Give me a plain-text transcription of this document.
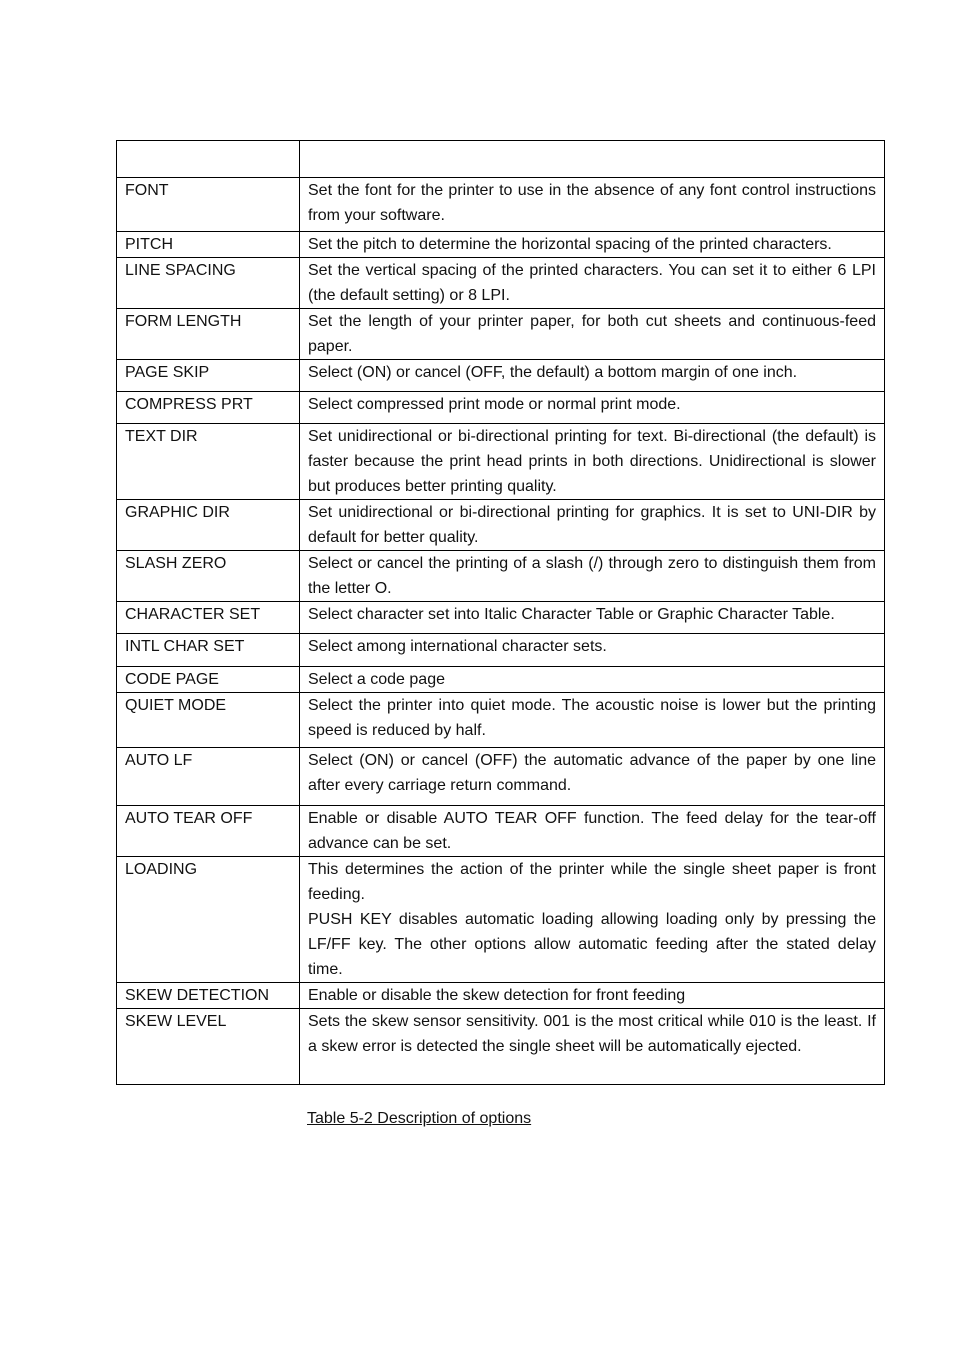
FONT	Set the font for the printer to use in the absence of any font control instructions from your software.

PITCH	Set the pitch to determine the horizontal spacing of the printed characters.

LINE SPACING	Set the vertical spacing of the printed characters. You can set it to either 6 LPI (the default setting) or 8 LPI.

FORM LENGTH	Set the length of your printer paper, for both cut sheets and continuous-feed paper.

PAGE SKIP	Select (ON) or cancel (OFF, the default) a bottom margin of one inch.

COMPRESS PRT	Select compressed print mode or normal print mode.

TEXT DIR	Set unidirectional or bi-directional printing for text. Bi-directional (the default) is faster because the print head prints in both directions. Unidirectional is slower but produces better printing quality.

GRAPHIC DIR	Set unidirectional or bi-directional printing for graphics. It is set to UNI-DIR by default for better quality.

SLASH ZERO	Select or cancel the printing of a slash (/) through zero to distinguish them from the letter O.

CHARACTER SET	Select character set into Italic Character Table or Graphic Character Table.

INTL CHAR SET	Select among international character sets.

CODE PAGE	Select a code page

QUIET MODE	Select the printer into quiet mode. The acoustic noise is lower but the printing speed is reduced by half.

AUTO LF	Select (ON) or cancel (OFF) the automatic advance of the paper by one line after every carriage return command.

AUTO TEAR OFF	Enable or disable AUTO TEAR OFF function. The feed delay for the tear-off advance can be set.

LOADING	This determines the action of the printer while the single sheet paper is front feeding.
PUSH KEY disables automatic loading allowing loading only by pressing the LF/FF key. The other options allow automatic feeding after the stated delay time.

SKEW DETECTION	Enable or disable the skew detection for front feeding

SKEW LEVEL	Sets the skew sensor sensitivity. 001 is the most critical while 010 is the least. If a skew error is detected the single sheet will be automatically ejected.
Table 5-2 Description of options
